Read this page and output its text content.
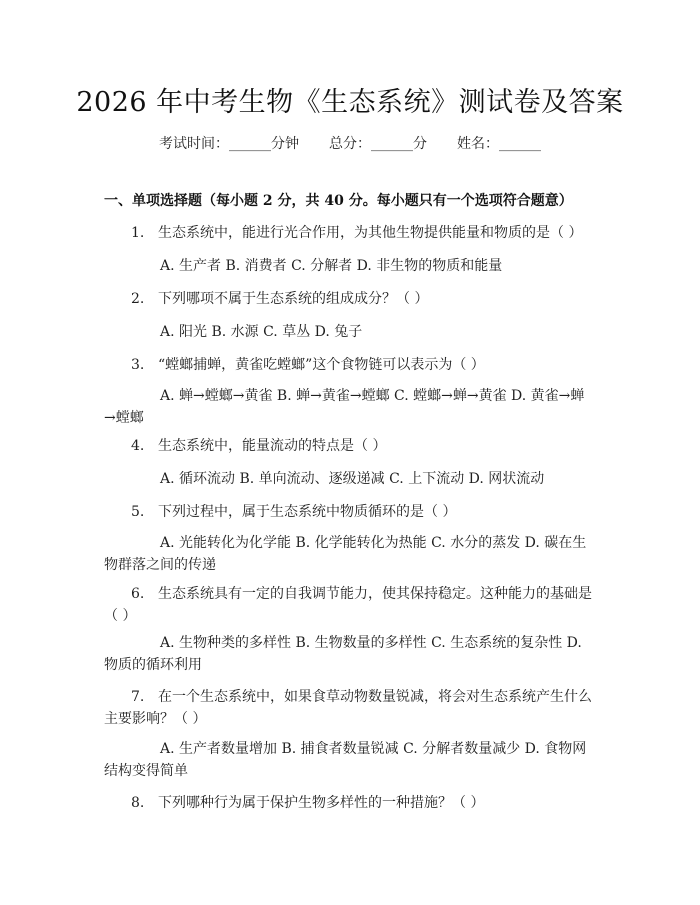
2026 年中考生物《生态系统》测试卷及答案
考试时间：______分钟 总分：______分 姓名：______
一、单项选择题（每小题 2 分，共 40 分。每小题只有一个选项符合题意）
1. 生态系统中，能进行光合作用，为其他生物提供能量和物质的是（ ）
A. 生产者 B. 消费者 C. 分解者 D. 非生物的物质和能量
2. 下列哪项不属于生态系统的组成成分？（ ）
A. 阳光 B. 水源 C. 草丛 D. 兔子
3. “螳螂捕蝉，黄雀吃螳螂”这个食物链可以表示为（ ）
A. 蝉→螳螂→黄雀 B. 蝉→黄雀→螳螂 C. 螳螂→蝉→黄雀 D. 黄雀→蝉→螳螂
4. 生态系统中，能量流动的特点是（ ）
A. 循环流动 B. 单向流动、逐级递减 C. 上下流动 D. 网状流动
5. 下列过程中，属于生态系统中物质循环的是（ ）
A. 光能转化为化学能 B. 化学能转化为热能 C. 水分的蒸发 D. 碳在生物群落之间的传递
6. 生态系统具有一定的自我调节能力，使其保持稳定。这种能力的基础是（ ）
A. 生物种类的多样性 B. 生物数量的多样性 C. 生态系统的复杂性 D. 物质的循环利用
7. 在一个生态系统中，如果食草动物数量锐减，将会对生态系统产生什么主要影响？（ ）
A. 生产者数量增加 B. 捕食者数量锐减 C. 分解者数量减少 D. 食物网结构变得简单
8. 下列哪种行为属于保护生物多样性的一种措施？（ ）
